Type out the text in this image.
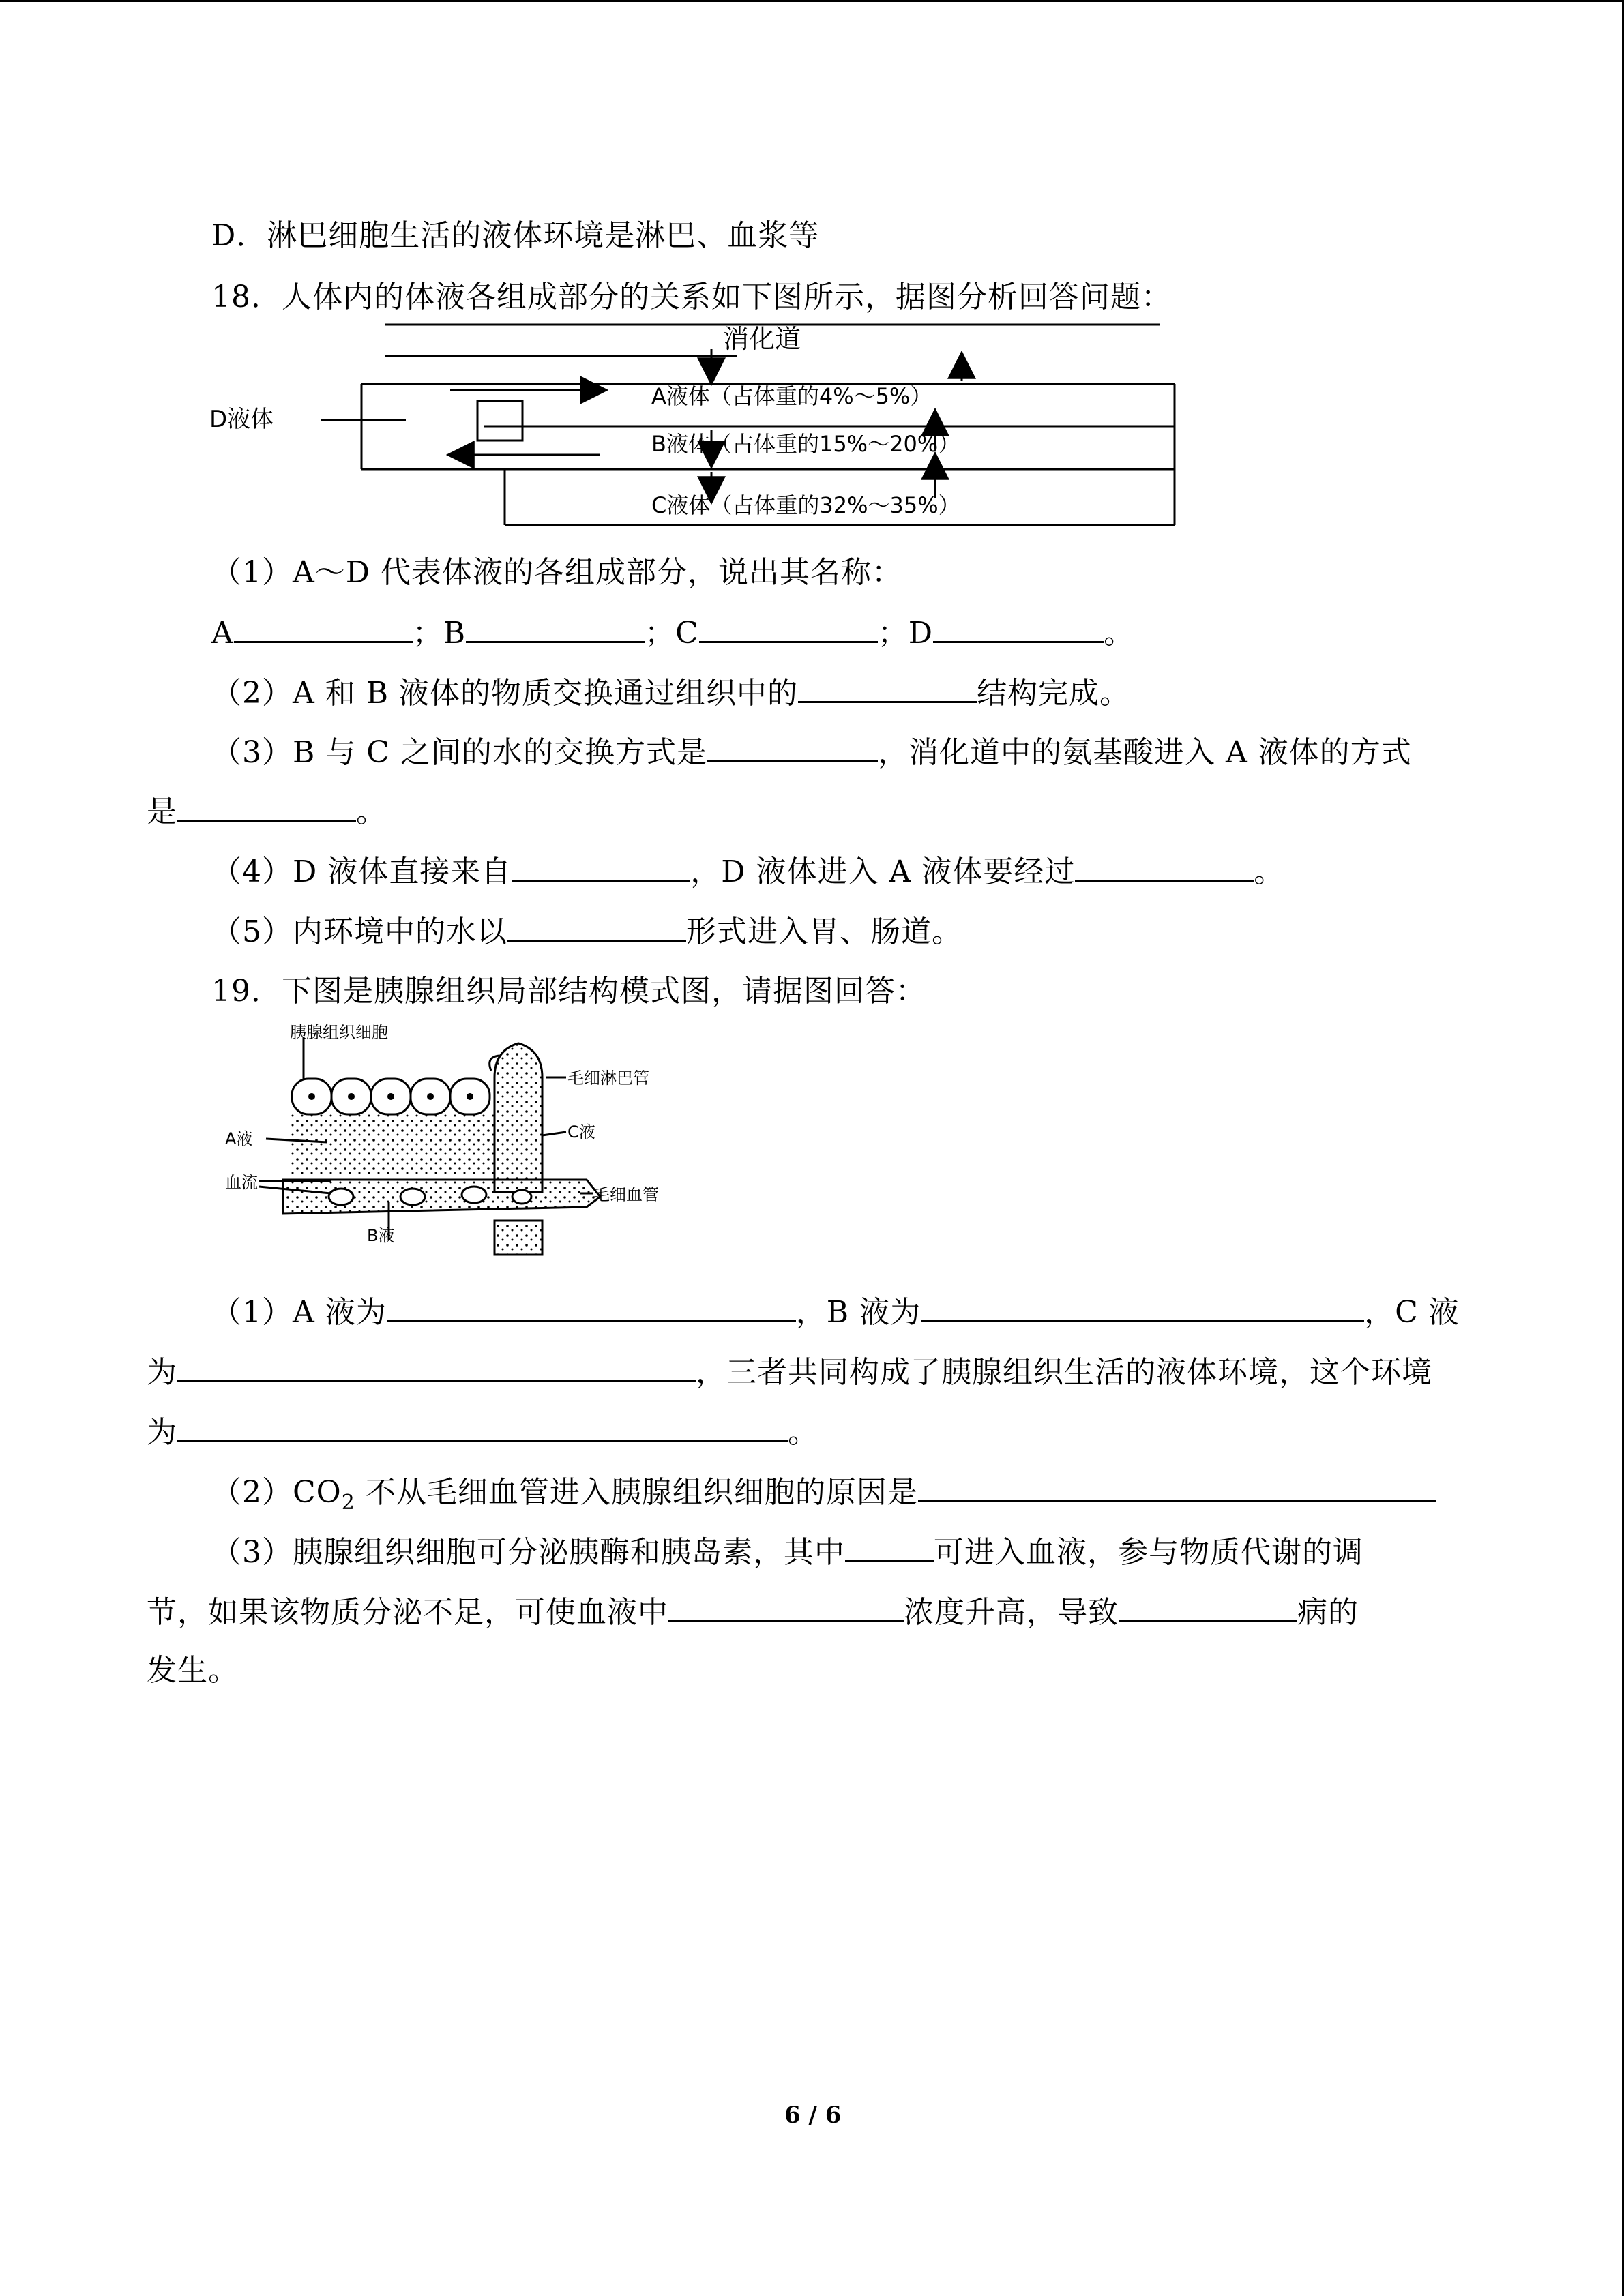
D．淋巴细胞生活的液体环境是淋巴、血浆等
18．人体内的体液各组成部分的关系如下图所示，据图分析回答问题：
消化道
A液体（占体重的4%～5%）
B液体（占体重的15%～20%）
C液体（占体重的32%～35%）
D液体
（1）A～D 代表体液的各组成部分，说出其名称：
A	；B	；C	；D	。
（2）A 和 B 液体的物质交换通过组织中的	结构完成。
（3）B 与 C 之间的水的交换方式是	，消化道中的氨基酸进入 A 液体的方式
是	。
（4）D 液体直接来自	，D 液体进入 A 液体要经过	。
（5）内环境中的水以	形式进入胃、肠道。
19．下图是胰腺组织局部结构模式图，请据图回答：
胰腺组织细胞
毛细淋巴管
C液
A液
血流
毛细血管
B液
（1）A 液为	，B 液为	，C 液
为	，三者共同构成了胰腺组织生活的液体环境，这个环境
为	。
$(2)CO_2$ 不从毛细血管进入胰腺组织细胞的原因是
（3）胰腺组织细胞可分泌胰酶和胰岛素，其中	可进入血液，参与物质代谢的调
节，如果该物质分泌不足，可使血液中	浓度升高，导致	病的
发生。
6 / 6
